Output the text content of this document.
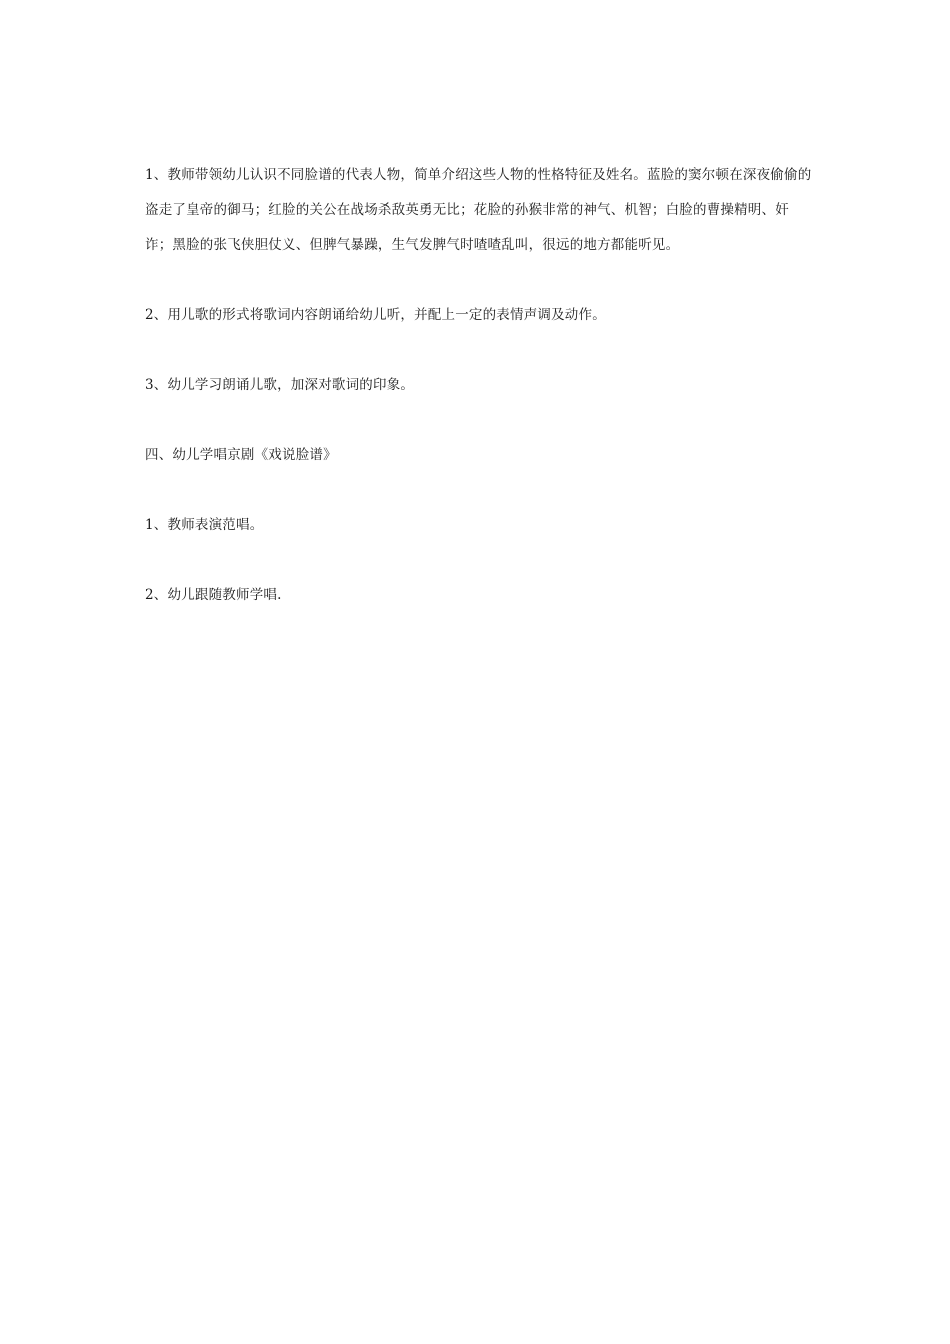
1、教师带领幼儿认识不同脸谱的代表人物，简单介绍这些人物的性格特征及姓名。蓝脸的窦尔顿在深夜偷偷的盗走了皇帝的御马；红脸的关公在战场杀敌英勇无比；花脸的孙猴非常的神气、机智；白脸的曹操精明、奸诈；黑脸的张飞侠胆仗义、但脾气暴躁，生气发脾气时喳喳乱叫，很远的地方都能听见。

2、用儿歌的形式将歌词内容朗诵给幼儿听，并配上一定的表情声调及动作。

3、幼儿学习朗诵儿歌，加深对歌词的印象。

四、幼儿学唱京剧《戏说脸谱》

1、教师表演范唱。

2、幼儿跟随教师学唱.
